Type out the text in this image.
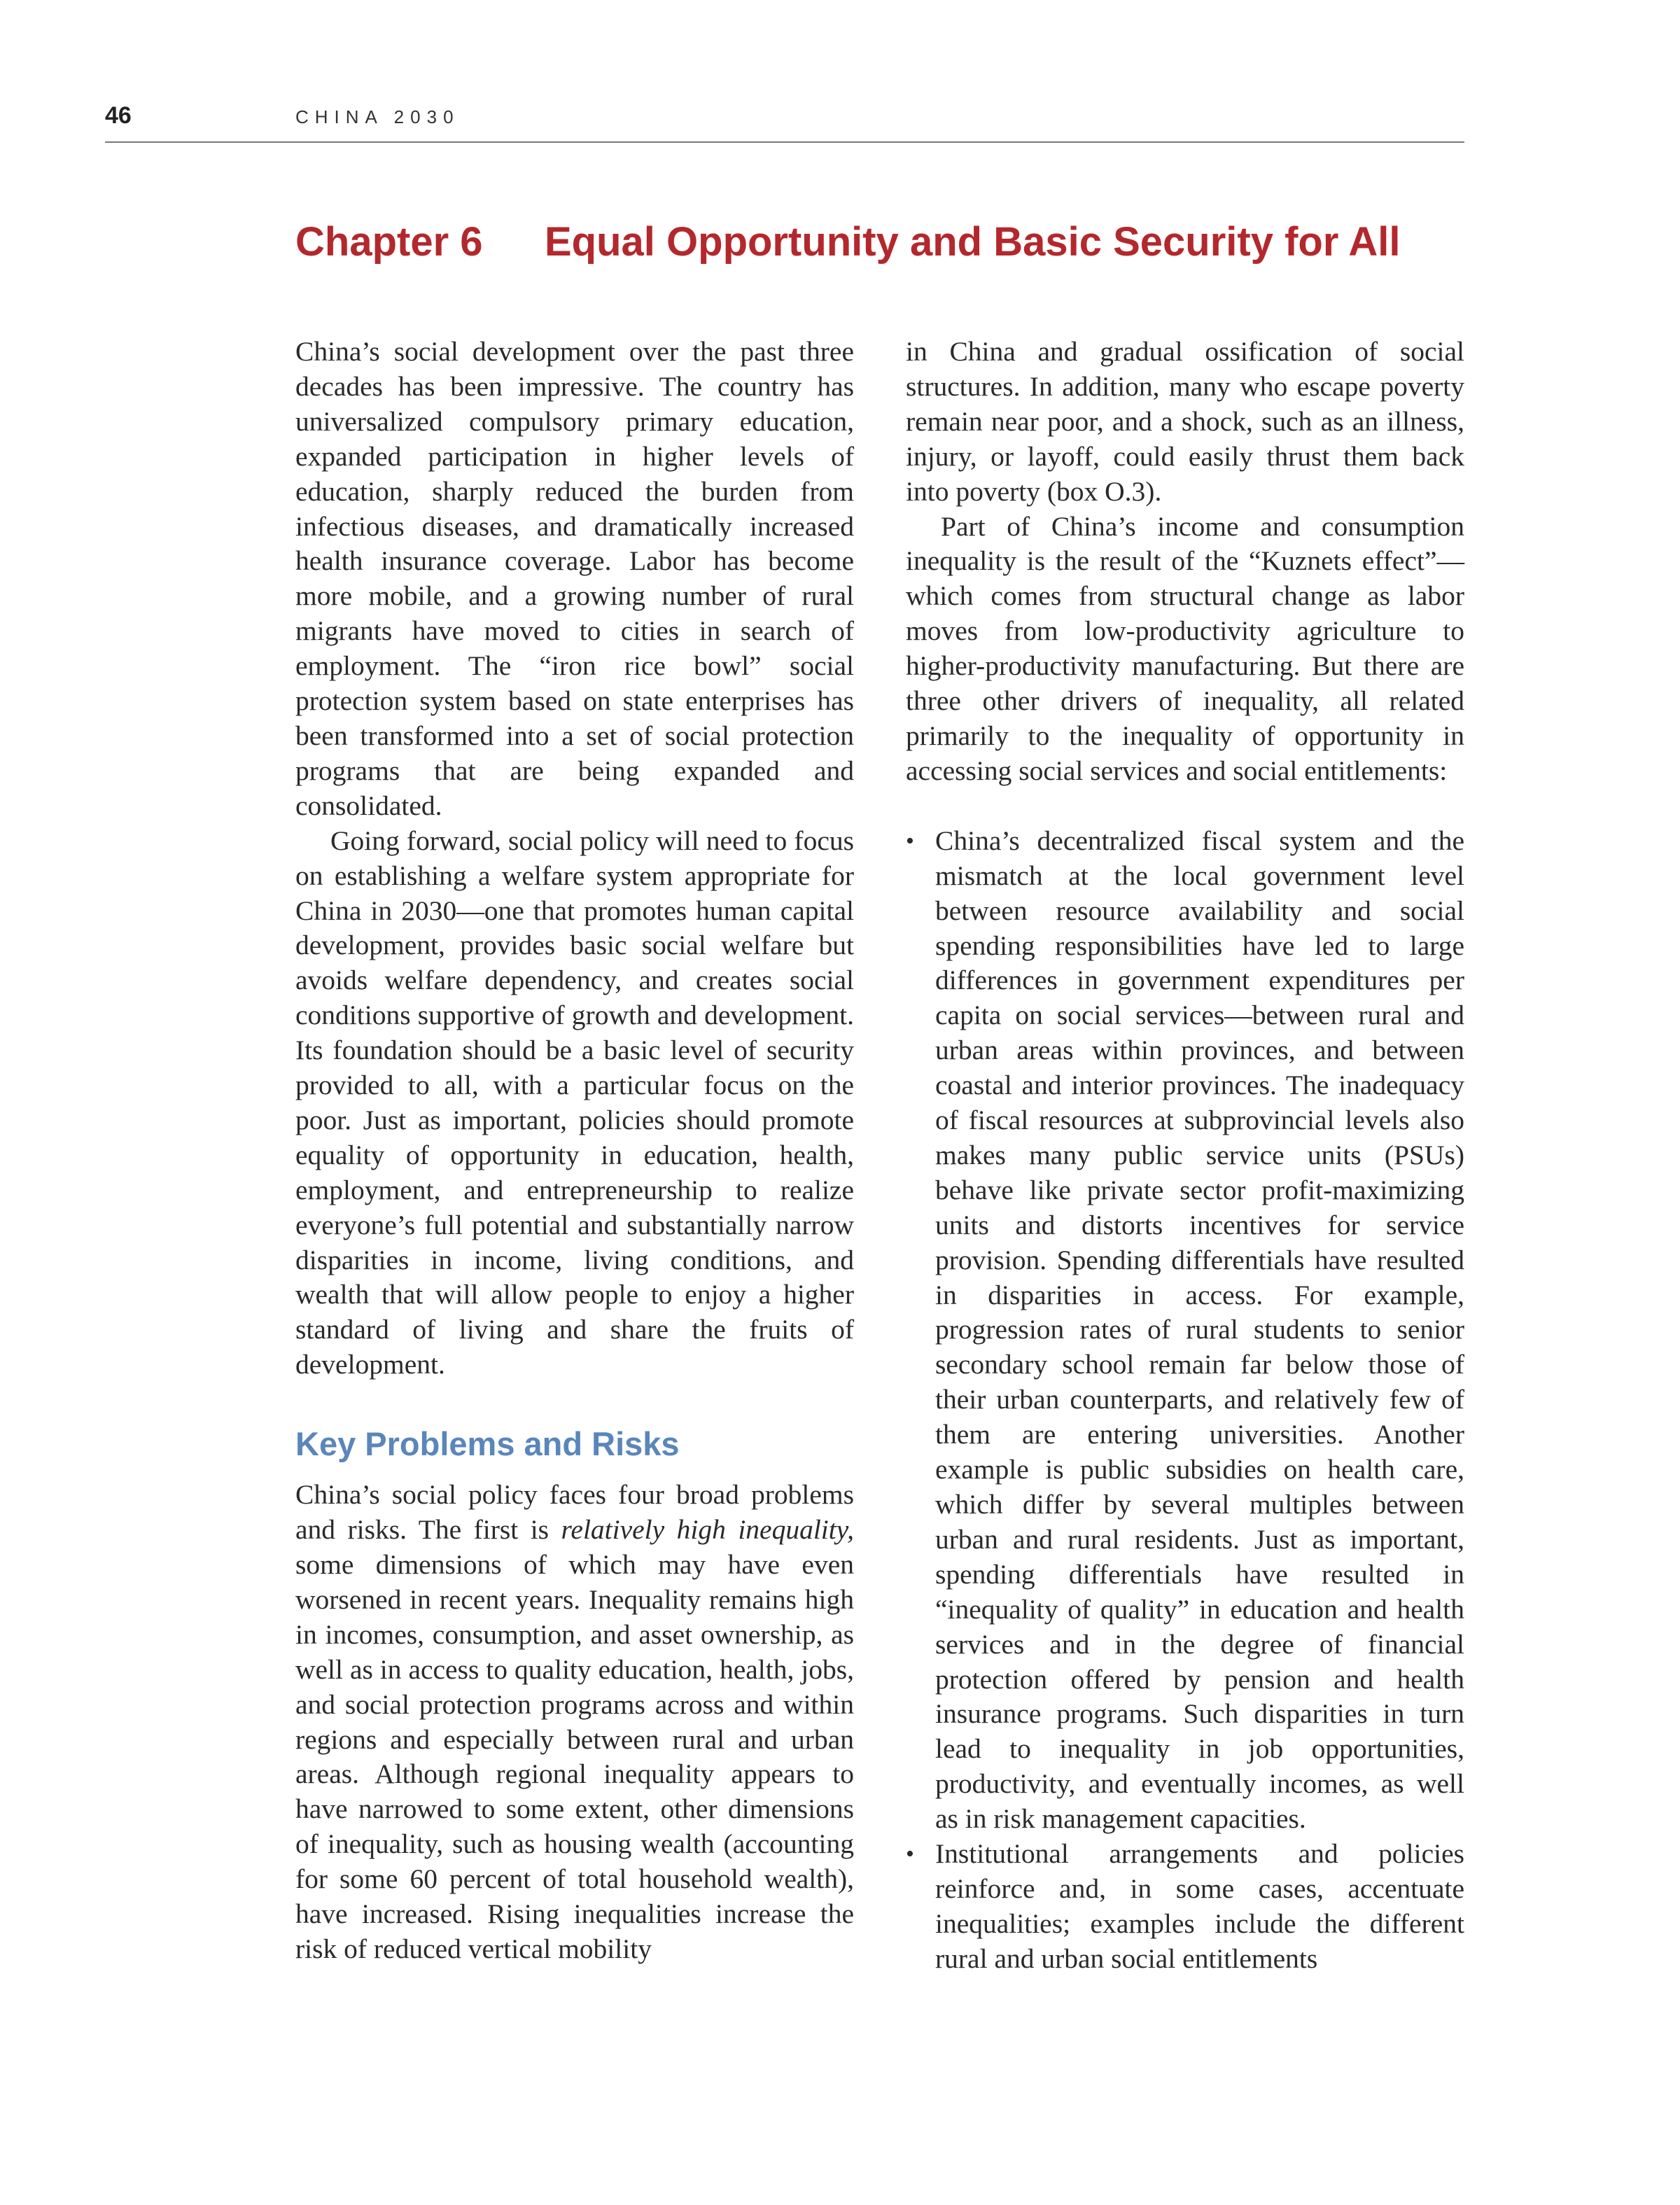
46	CHINA 2030
Chapter 6 Equal Opportunity and Basic Security for All

China’s social development over the past three decades has been impressive. The country has universalized compulsory primary education, expanded participation in higher levels of education, sharply reduced the burden from infectious diseases, and dramatically increased health insurance coverage. Labor has become more mobile, and a growing number of rural migrants have moved to cities in search of employment. The “iron rice bowl” social protection system based on state enterprises has been transformed into a set of social protection programs that are being expanded and consolidated.

Going forward, social policy will need to focus on establishing a welfare system appropriate for China in 2030—one that promotes human capital development, provides basic social welfare but avoids welfare dependency, and creates social conditions supportive of growth and development. Its foundation should be a basic level of security provided to all, with a particular focus on the poor. Just as important, policies should promote equality of opportunity in education, health, employment, and entrepreneurship to realize everyone’s full potential and substantially narrow disparities in income, living conditions, and wealth that will allow people to enjoy a higher standard of living and share the fruits of development.

Key Problems and Risks

China’s social policy faces four broad problems and risks. The first is relatively high inequality, some dimensions of which may have even worsened in recent years. Inequality remains high in incomes, consumption, and asset ownership, as well as in access to quality education, health, jobs, and social protection programs across and within regions and especially between rural and urban areas. Although regional inequality appears to have narrowed to some extent, other dimensions of inequality, such as housing wealth (accounting for some 60 percent of total household wealth), have increased. Rising inequalities increase the risk of reduced vertical mobility

in China and gradual ossification of social structures. In addition, many who escape poverty remain near poor, and a shock, such as an illness, injury, or layoff, could easily thrust them back into poverty (box O.3).

Part of China’s income and consumption inequality is the result of the “Kuznets effect”—which comes from structural change as labor moves from low-productivity agriculture to higher-productivity manufacturing. But there are three other drivers of inequality, all related primarily to the inequality of opportunity in accessing social services and social entitlements:

• China’s decentralized fiscal system and the mismatch at the local government level between resource availability and social spending responsibilities have led to large differences in government expenditures per capita on social services—between rural and urban areas within provinces, and between coastal and interior provinces. The inadequacy of fiscal resources at subprovincial levels also makes many public service units (PSUs) behave like private sector profit-maximizing units and distorts incentives for service provision. Spending differentials have resulted in disparities in access. For example, progression rates of rural students to senior secondary school remain far below those of their urban counterparts, and relatively few of them are entering universities. Another example is public subsidies on health care, which differ by several multiples between urban and rural residents. Just as important, spending differentials have resulted in “inequality of quality” in education and health services and in the degree of financial protection offered by pension and health insurance programs. Such disparities in turn lead to inequality in job opportunities, productivity, and eventually incomes, as well as in risk management capacities.
• Institutional arrangements and policies reinforce and, in some cases, accentuate inequalities; examples include the different rural and urban social entitlements
